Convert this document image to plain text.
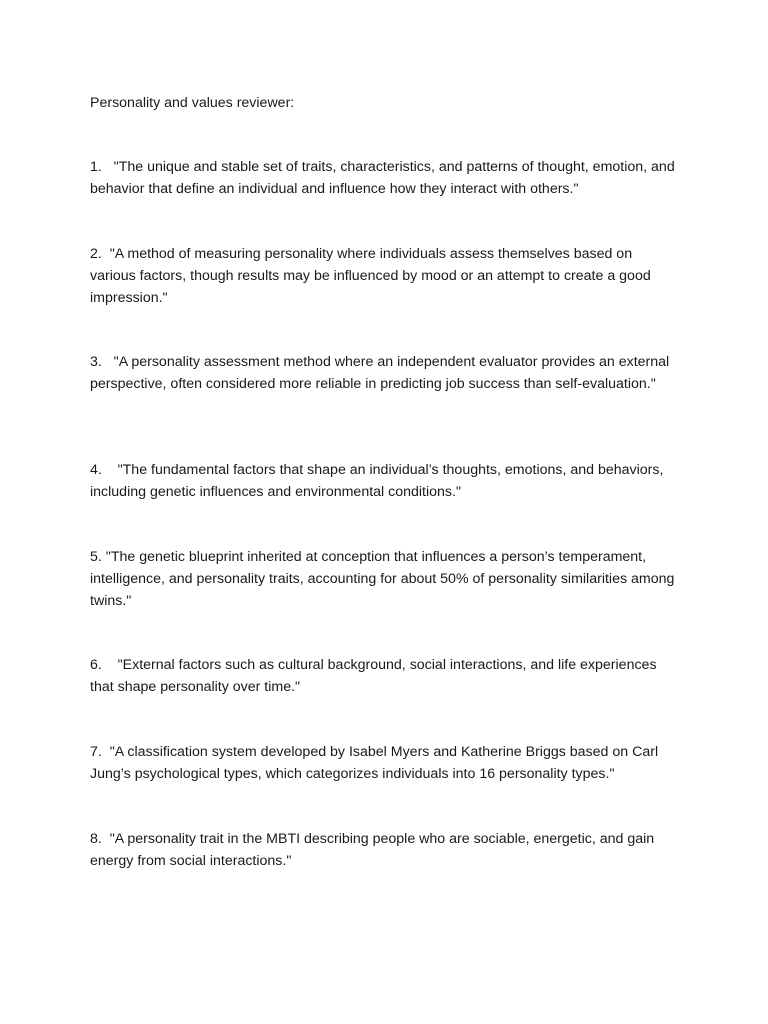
Personality and values reviewer:

1.   "The unique and stable set of traits, characteristics, and patterns of thought, emotion, and behavior that define an individual and influence how they interact with others."

2.  "A method of measuring personality where individuals assess themselves based on various factors, though results may be influenced by mood or an attempt to create a good impression."

3.   "A personality assessment method where an independent evaluator provides an external perspective, often considered more reliable in predicting job success than self-evaluation."

4.    "The fundamental factors that shape an individual’s thoughts, emotions, and behaviors, including genetic influences and environmental conditions."

5. "The genetic blueprint inherited at conception that influences a person’s temperament, intelligence, and personality traits, accounting for about 50% of personality similarities among twins."

6.    "External factors such as cultural background, social interactions, and life experiences that shape personality over time."

7.  "A classification system developed by Isabel Myers and Katherine Briggs based on Carl Jung’s psychological types, which categorizes individuals into 16 personality types."

8.  "A personality trait in the MBTI describing people who are sociable, energetic, and gain energy from social interactions."
